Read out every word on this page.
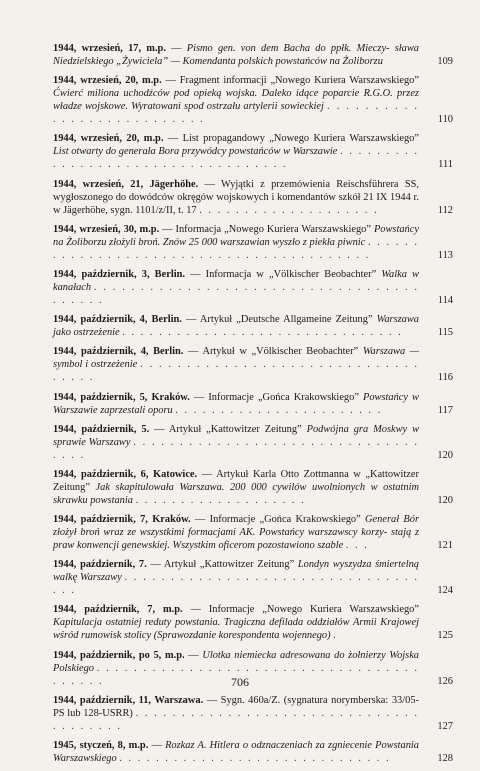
1944, wrzesień, 17, m.p. — Pismo gen. von dem Bacha do ppłk. Mieczy- sława Niedzielskiego „Żywiciela” — Komendanta polskich powstańców na Żoliborzu	109
1944, wrzesień, 20, m.p. — Fragment informacji „Nowego Kuriera Warszawskiego” Ćwierć miliona uchodźców pod opieką wojska. Daleko idące poparcie R.G.O. przez władze wojskowe. Wyratowani spod ostrzału artylerii sowieckiej . . . . . . . . . . . . . . . . . . . . . . . . . . .	110
1944, wrzesień, 20, m.p. — List propagandowy „Nowego Kuriera Warszawskiego” List otwarty do generała Bora przywódcy powstańców w Warszawie . . . . . . . . . . . . . . . . . . . . . . . . . . . . . . . . . . .	111
1944, wrzesień, 21, Jägerhöhe. — Wyjątki z przemówienia Reischsführera SS, wygłoszonego do dowódców okręgów wojskowych i komendantów szkół 21 IX 1944 r. w Jägerhöhe, sygn. 1101/z/II, t. 17 . . . . . . . . . . . . . . . . . . . .	112
1944, wrzesień, 30, m.p. — Informacja „Nowego Kuriera Warszawskiego” Powstańcy na Żoliborzu złożyli broń. Znów 25 000 warszawian wyszło z piekła piwnic . . . . . . . . . . . . . . . . . . . . . . . . . . . . . . . . . . . . . . . . .	113
1944, październik, 3, Berlin. — Informacja w „Völkischer Beobachter” Walka w kanałach . . . . . . . . . . . . . . . . . . . . . . . . . . . . . . . . . . . . . . . . .	114
1944, październik, 4, Berlin. — Artykuł „Deutsche Allgameine Zeitung” Warszawa jako ostrzeżenie . . . . . . . . . . . . . . . . . . . . . . . . . . . . . . .	115
1944, październik, 4, Berlin. — Artykuł w „Völkischer Beobachter” Warszawa — symbol i ostrzeżenie . . . . . . . . . . . . . . . . . . . . . . . . . . . . . . . . . . .	116
1944, październik, 5, Kraków. — Informacje „Gońca Krakowskiego” Powstańcy w Warszawie zaprzestali oporu . . . . . . . . . . . . . . . . . . . . . . .	117
1944, październik, 5. — Artykuł „Kattowitzer Zeitung” Podwójna gra Moskwy w sprawie Warszawy . . . . . . . . . . . . . . . . . . . . . . . . . . . . . . . . . . .	120
1944, październik, 6, Katowice. — Artykuł Karla Otto Zottmanna w „Kattowitzer Zeitung” Jak skapitulowała Warszawa. 200 000 cywilów uwolnionych w ostatnim skrawku powstania . . . . . . . . . . . . . . . . . . .	120
1944, październik, 7, Kraków. — Informacje „Gońca Krakowskiego” Generał Bór złożył broń wraz ze wszystkimi formacjami AK. Powstańcy warszawscy korzy- stają z praw konwencji genewskiej. Wszystkim oficerom pozostawiono szable . . .	121
1944, październik, 7. — Artykuł „Kattowitzer Zeitung” Londyn wyszydza śmiertelną walkę Warszawy . . . . . . . . . . . . . . . . . . . . . . . . . . . . . . . . . . .	124
1944, październik, 7, m.p. — Informacje „Nowego Kuriera Warszawskiego” Kapitulacja ostatniej reduty powstania. Tragiczna defilada oddziałów Armii Krajowej wśród rumowisk stolicy (Sprawozdanie korespondenta wojennego) .	125
1944, październik, po 5, m.p. — Ulotka niemiecka adresowana do żołnierzy Wojska Polskiego . . . . . . . . . . . . . . . . . . . . . . . . . . . . . . . . . . . . . . . . .	126
1944, październik, 11, Warszawa. — Sygn. 460a/Z. (sygnatura norymberska: 33/05-PS lub 128-USRR) . . . . . . . . . . . . . . . . . . . . . . . . . . . . . . . . . . . . . . .	127
1945, styczeń, 8, m.p. — Rozkaz A. Hitlera o odznaczeniach za zgniecenie Powstania Warszawskiego . . . . . . . . . . . . . . . . . . . . . . . . . . . . . .	128
706
